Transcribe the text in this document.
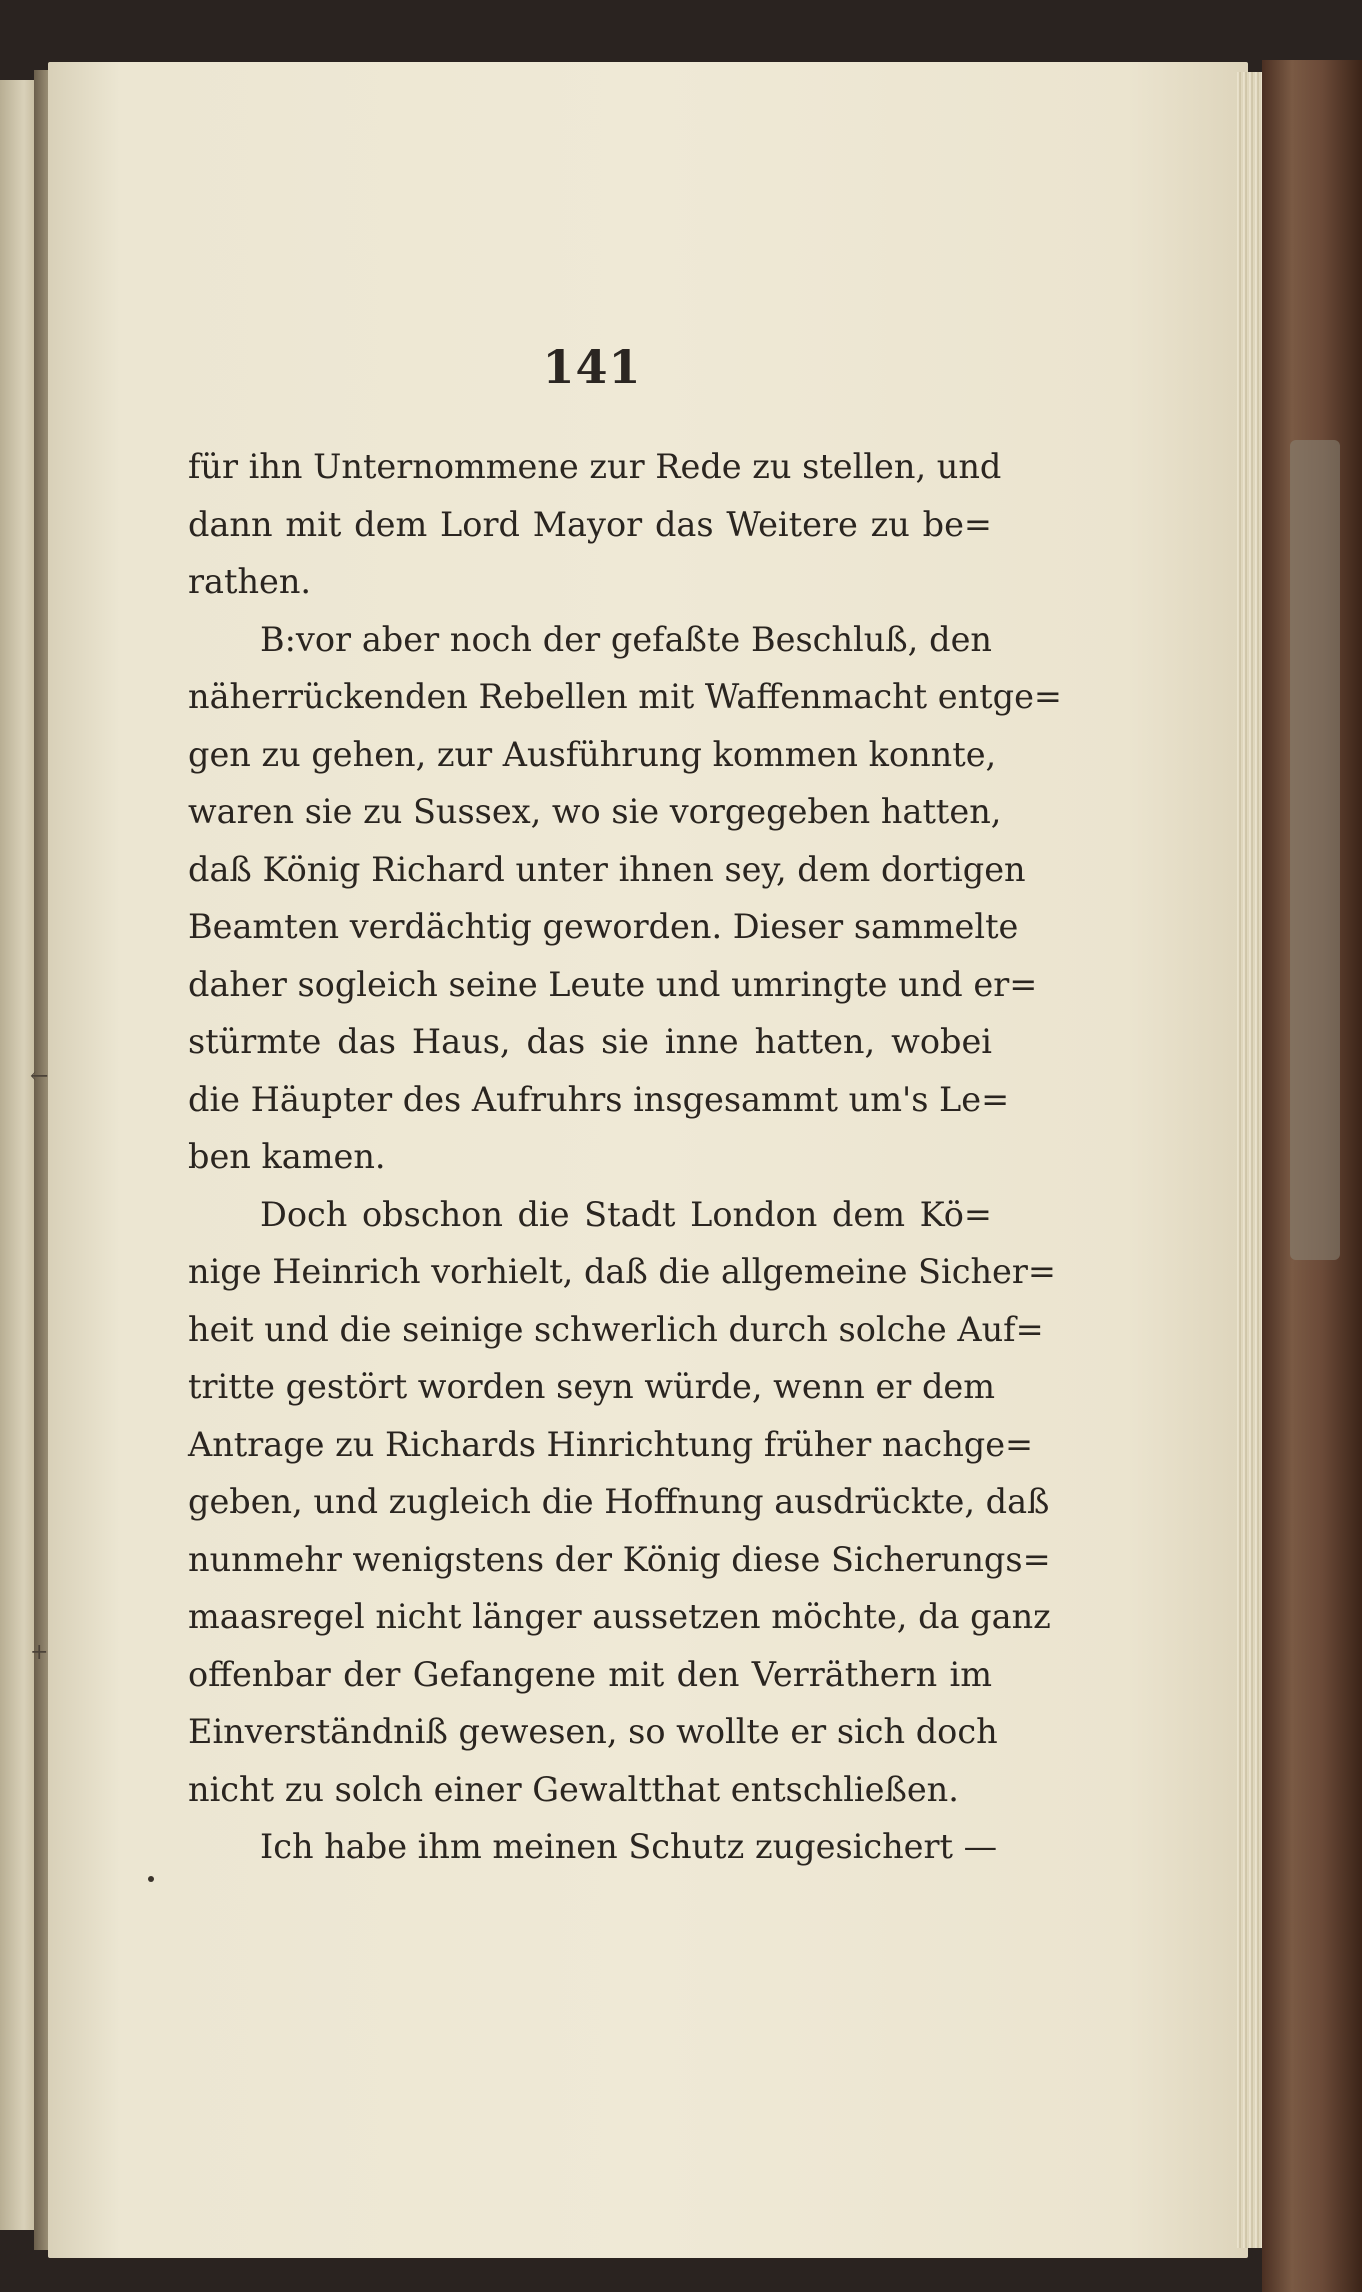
141
für ihn Unternommene zur Rede zu stellen, und
dann mit dem Lord Mayor das Weitere zu be=
rathen.
B:vor aber noch der gefaßte Beschluß, den
näherrückenden Rebellen mit Waffenmacht entge=
gen zu gehen, zur Ausführung kommen konnte,
waren sie zu Sussex, wo sie vorgegeben hatten,
daß König Richard unter ihnen sey, dem dortigen
Beamten verdächtig geworden. Dieser sammelte
daher sogleich seine Leute und umringte und er=
stürmte das Haus, das sie inne hatten, wobei
die Häupter des Aufruhrs insgesammt um's Le=
ben kamen.
Doch obschon die Stadt London dem Kö=
nige Heinrich vorhielt, daß die allgemeine Sicher=
heit und die seinige schwerlich durch solche Auf=
tritte gestört worden seyn würde, wenn er dem
Antrage zu Richards Hinrichtung früher nachge=
geben, und zugleich die Hoffnung ausdrückte, daß
nunmehr wenigstens der König diese Sicherungs=
maasregel nicht länger aussetzen möchte, da ganz
offenbar der Gefangene mit den Verräthern im
Einverständniß gewesen, so wollte er sich doch
nicht zu solch einer Gewaltthat entschließen.
Ich habe ihm meinen Schutz zugesichert —
←
+
